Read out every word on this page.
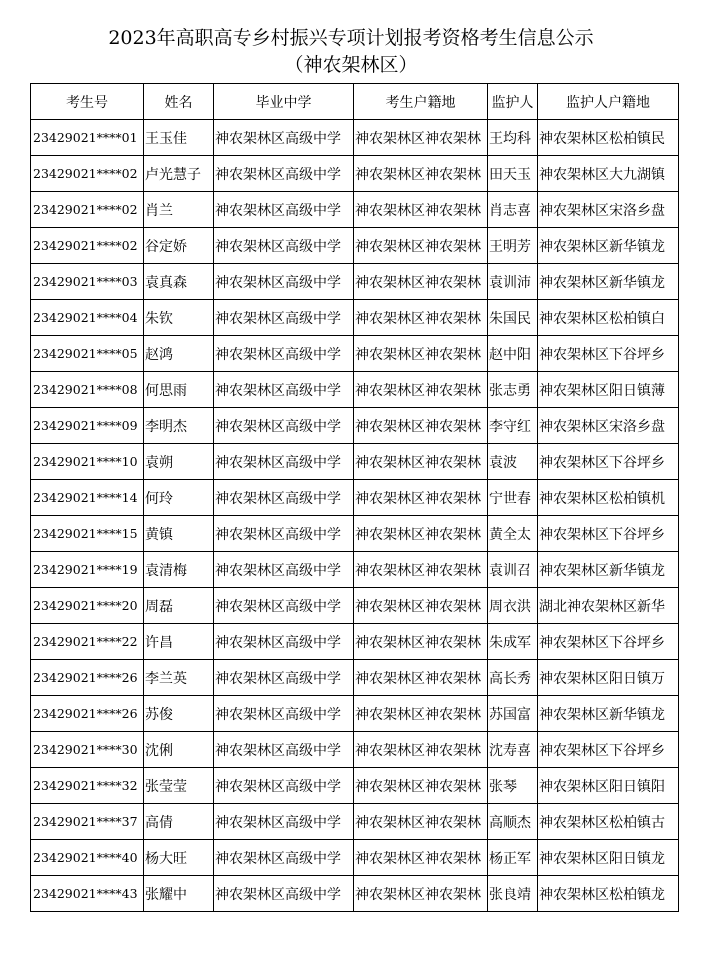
2023年高职高专乡村振兴专项计划报考资格考生信息公示
（神农架林区）
考生号	姓名	毕业中学	考生户籍地	监护人	监护人户籍地
23429021****01	王玉佳	神农架林区高级中学	神农架林区神农架林	王均科	神农架林区松柏镇民
23429021****02	卢光慧子	神农架林区高级中学	神农架林区神农架林	田天玉	神农架林区大九湖镇
23429021****02	肖兰	神农架林区高级中学	神农架林区神农架林	肖志喜	神农架林区宋洛乡盘
23429021****02	谷定娇	神农架林区高级中学	神农架林区神农架林	王明芳	神农架林区新华镇龙
23429021****03	袁真森	神农架林区高级中学	神农架林区神农架林	袁训沛	神农架林区新华镇龙
23429021****04	朱钦	神农架林区高级中学	神农架林区神农架林	朱国民	神农架林区松柏镇白
23429021****05	赵鸿	神农架林区高级中学	神农架林区神农架林	赵中阳	神农架林区下谷坪乡
23429021****08	何思雨	神农架林区高级中学	神农架林区神农架林	张志勇	神农架林区阳日镇薄
23429021****09	李明杰	神农架林区高级中学	神农架林区神农架林	李守红	神农架林区宋洛乡盘
23429021****10	袁朔	神农架林区高级中学	神农架林区神农架林	袁波	神农架林区下谷坪乡
23429021****14	何玲	神农架林区高级中学	神农架林区神农架林	宁世春	神农架林区松柏镇机
23429021****15	黄镇	神农架林区高级中学	神农架林区神农架林	黄全太	神农架林区下谷坪乡
23429021****19	袁清梅	神农架林区高级中学	神农架林区神农架林	袁训召	神农架林区新华镇龙
23429021****20	周磊	神农架林区高级中学	神农架林区神农架林	周衣洪	湖北神农架林区新华
23429021****22	许昌	神农架林区高级中学	神农架林区神农架林	朱成军	神农架林区下谷坪乡
23429021****26	李兰英	神农架林区高级中学	神农架林区神农架林	高长秀	神农架林区阳日镇万
23429021****26	苏俊	神农架林区高级中学	神农架林区神农架林	苏国富	神农架林区新华镇龙
23429021****30	沈俐	神农架林区高级中学	神农架林区神农架林	沈寿喜	神农架林区下谷坪乡
23429021****32	张莹莹	神农架林区高级中学	神农架林区神农架林	张琴	神农架林区阳日镇阳
23429021****37	高倩	神农架林区高级中学	神农架林区神农架林	高顺杰	神农架林区松柏镇古
23429021****40	杨大旺	神农架林区高级中学	神农架林区神农架林	杨正军	神农架林区阳日镇龙
23429021****43	张耀中	神农架林区高级中学	神农架林区神农架林	张良靖	神农架林区松柏镇龙
